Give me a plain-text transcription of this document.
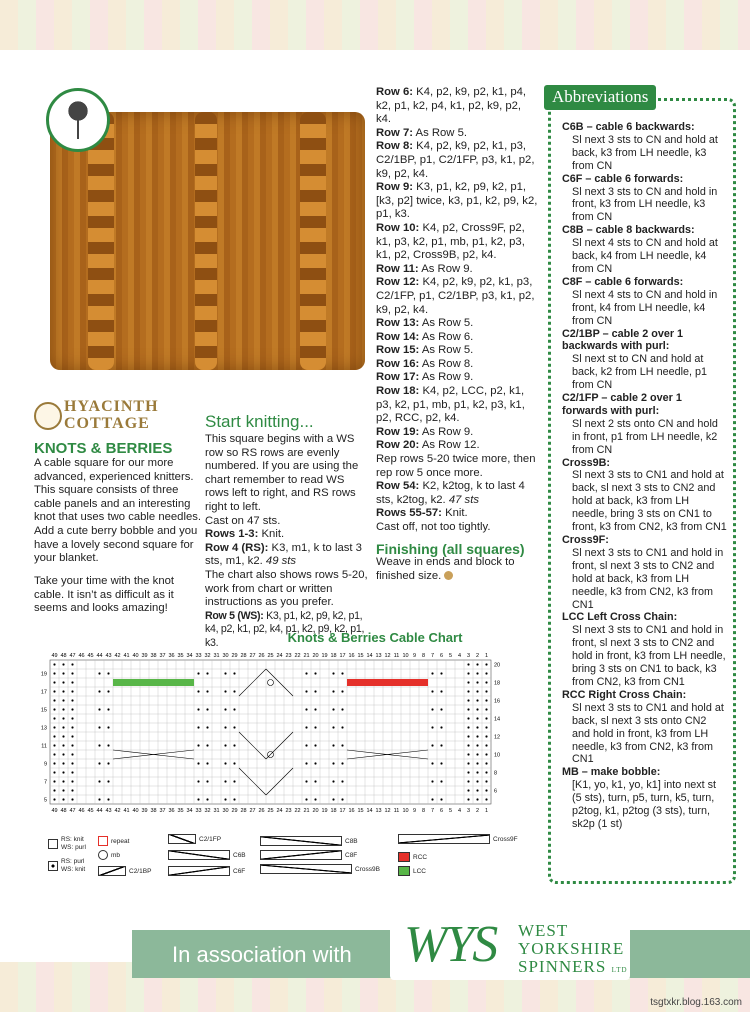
HYACINTH
COTTAGE
KNOTS & BERRIES
A cable square for our more advanced, experienced knitters. This square consists of three cable panels and an interesting knot that uses two cable needles. Add a cute berry bobble and you have a lovely second square for your blanket.
Take your time with the knot cable. It isn’t as difficult as it seems and looks amazing!
Start knitting...

This square begins with a WS row so RS rows are evenly numbered. If you are using the chart remember to read WS rows left to right, and RS rows right to left.

Cast on 47 sts.

Rows 1-3: Knit.

Row 4 (RS): K3, m1, k to last 3 sts, m1, k2. 49 sts

The chart also shows rows 5-20, work from chart or written instructions as you prefer.

Row 5 (WS): K3, p1, k2, p9, k2, p1, k4, p2, k1, p2, k4, p1, k2, p9, k2, p1, k3.

Row 6: K4, p2, k9, p2, k1, p4, k2, p1, k2, p4, k1, p2, k9, p2, k4.

Row 7: As Row 5.

Row 8: K4, p2, k9, p2, k1, p3, C2/1BP, p1, C2/1FP, p3, k1, p2, k9, p2, k4.

Row 9: K3, p1, k2, p9, k2, p1, [k3, p2] twice, k3, p1, k2, p9, k2, p1, k3.

Row 10: K4, p2, Cross9F, p2, k1, p3, k2, p1, mb, p1, k2, p3, k1, p2, Cross9B, p2, k4.

Row 11: As Row 9.

Row 12: K4, p2, k9, p2, k1, p3, C2/1FP, p1, C2/1BP, p3, k1, p2, k9, p2, k4.

Row 13: As Row 5.

Row 14: As Row 6.

Row 15: As Row 5.

Row 16: As Row 8.

Row 17: As Row 9.

Row 18: K4, p2, LCC, p2, k1, p3, k2, p1, mb, p1, k2, p3, k1, p2, RCC, p2, k4.

Row 19: As Row 9.

Row 20: As Row 12.

Rep rows 5-20 twice more, then rep row 5 once more.

Row 54: K2, k2tog, k to last 4 sts, k2tog, k2. 47 sts

Rows 55-57: Knit.

Cast off, not too tightly.

Finishing (all squares)

Weave in ends and block to finished size.

Abbreviations

C6B – cable 6 backwards:
Sl next 3 sts to CN and hold at back, k3 from LH needle, k3 from CN

C6F – cable 6 forwards:
Sl next 3 sts to CN and hold in front, k3 from LH needle, k3 from CN

C8B – cable 8 backwards:
Sl next 4 sts to CN and hold at back, k4 from LH needle, k4 from CN

C8F – cable 6 forwards:
Sl next 4 sts to CN and hold in front, k4 from LH needle, k4 from CN

C2/1BP – cable 2 over 1 backwards with purl:
Sl next st to CN and hold at back, k2 from LH needle, p1 from CN

C2/1FP – cable 2 over 1 forwards with purl:
Sl next 2 sts onto CN and hold in front, p1 from LH needle, k2 from CN

Cross9B:
Sl next 3 sts to CN1 and hold at back, sl next 3 sts to CN2 and hold at back, k3 from LH needle, bring 3 sts on CN1 to front, k3 from CN2, k3 from CN1

Cross9F:
Sl next 3 sts to CN1 and hold in front, sl next 3 sts to CN2 and hold at back, k3 from LH needle, k3 from CN2, k3 from CN1

LCC Left Cross Chain:
Sl next 3 sts to CN1 and hold in front, sl next 3 sts to CN2 and hold in front, k3 from LH needle, bring 3 sts on CN1 to back, k3 from CN2, k3 from CN1

RCC Right Cross Chain:
Sl next 3 sts to CN1 and hold at back, sl next 3 sts onto CN2 and hold in front, k3 from LH needle, k3 from CN2, k3 from CN1

MB – make bobble:
[K1, yo, k1, yo, k1] into next st (5 sts), turn, p5, turn, k5, turn, p2tog, k1, p2tog (3 sts), turn, sk2p (1 st)

Knots & Berries Cable Chart
49
49
48
48
47
47
46
46
45
45
44
44
43
43
42
42
41
41
40
40
39
39
38
38
37
37
36
36
35
35
34
34
33
33
32
32
31
31
30
30
29
29
28
28
27
27
26
26
25
25
24
24
23
23
22
22
21
21
20
20
19
19
18
18
17
17
16
16
15
15
14
14
13
13
12
12
11
11
10
10
9
9
8
8
7
7
6
6
5
5
4
4
3
3
2
2
1
1
19
17
15
13
11
9
7
5
20
18
16
14
12
10
8
6
RS: knit
WS: purl
RS: purl
WS: knit
repeat
mb
C2/1BP
C2/1FP
C6B
C6F
C8B
C8F
Cross9B
Cross9F
RCC
LCC
In association with WYS WEST
YORKSHIRE
SPINNERS LTD
tsgtxkr.blog.163.com
